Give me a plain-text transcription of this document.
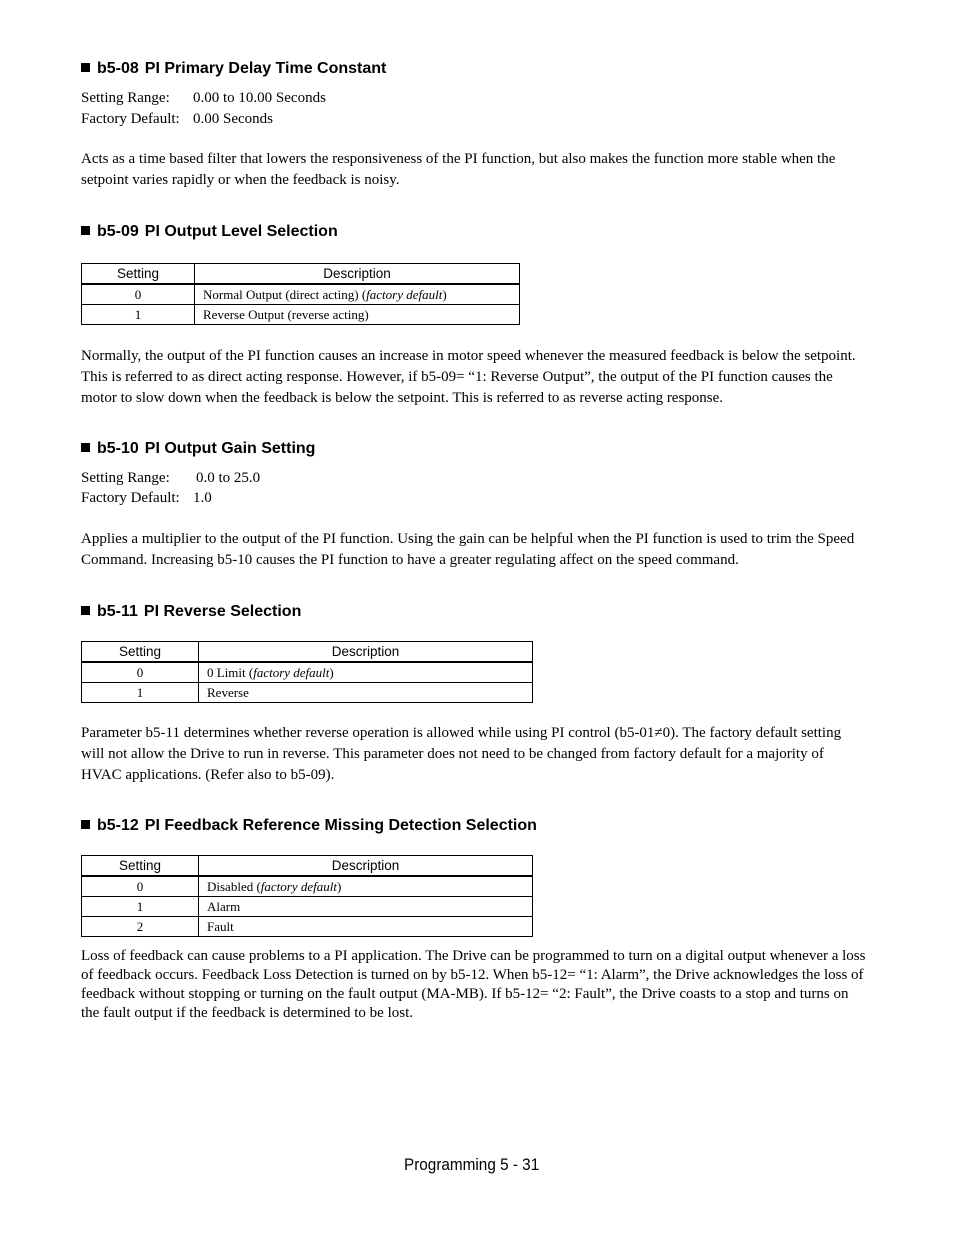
b5-08 PI Primary Delay Time Constant
Setting Range: 0.00 to 10.00 Seconds
Factory Default: 0.00 Seconds

Acts as a time based filter that lowers the responsiveness of the PI function, but also makes the function more stable when the setpoint varies rapidly or when the feedback is noisy.

b5-09 PI Output Level Selection
Setting	Description
0	Normal Output (direct acting) (factory default)
1	Reverse Output (reverse acting)

Normally, the output of the PI function causes an increase in motor speed whenever the measured feedback is below the setpoint. This is referred to as direct acting response. However, if b5-09= “1: Reverse Output”, the output of the PI function causes the motor to slow down when the feedback is below the setpoint. This is referred to as reverse acting response.

b5-10 PI Output Gain Setting
Setting Range: 0.0 to 25.0
Factory Default: 1.0

Applies a multiplier to the output of the PI function. Using the gain can be helpful when the PI function is used to trim the Speed Command. Increasing b5-10 causes the PI function to have a greater regulating affect on the speed command.

b5-11 PI Reverse Selection
Setting	Description
0	0 Limit (factory default)
1	Reverse

Parameter b5-11 determines whether reverse operation is allowed while using PI control (b5-01≠0). The factory default setting will not allow the Drive to run in reverse. This parameter does not need to be changed from factory default for a majority of HVAC applications. (Refer also to b5-09).

b5-12 PI Feedback Reference Missing Detection Selection
Setting	Description
0	Disabled (factory default)
1	Alarm
2	Fault

Loss of feedback can cause problems to a PI application. The Drive can be programmed to turn on a digital output whenever a loss of feedback occurs. Feedback Loss Detection is turned on by b5-12. When b5-12= “1: Alarm”, the Drive acknowledges the loss of feedback without stopping or turning on the fault output (MA-MB). If b5-12= “2: Fault”, the Drive coasts to a stop and turns on the fault output if the feedback is determined to be lost.

Programming 5 - 31
